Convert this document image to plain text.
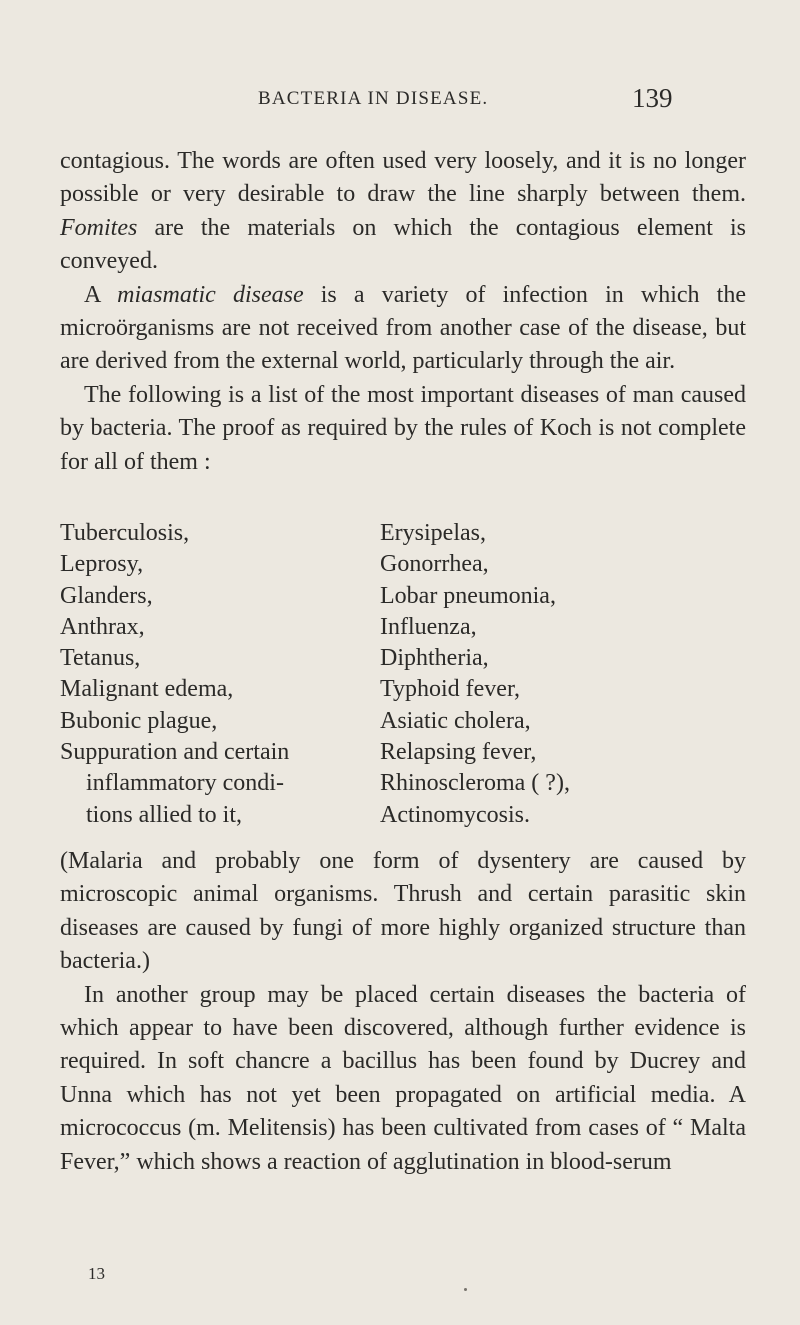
BACTERIA IN DISEASE.	139

contagious. The words are often used very loosely, and it is no longer possible or very desirable to draw the line sharply between them. Fomites are the materials on which the contagious element is conveyed.
A miasmatic disease is a variety of infection in which the microörganisms are not received from another case of the disease, but are derived from the external world, particularly through the air.
The following is a list of the most important diseases of man caused by bacteria. The proof as required by the rules of Koch is not complete for all of them :

Tuberculosis,
Leprosy,
Glanders,
Anthrax,
Tetanus,
Malignant edema,
Bubonic plague,
Suppuration and certain
inflammatory condi-
tions allied to it,
Erysipelas,
Gonorrhea,
Lobar pneumonia,
Influenza,
Diphtheria,
Typhoid fever,
Asiatic cholera,
Relapsing fever,
Rhinoscleroma ( ?),
Actinomycosis.

(Malaria and probably one form of dysentery are caused by microscopic animal organisms. Thrush and certain parasitic skin diseases are caused by fungi of more highly organized structure than bacteria.)
In another group may be placed certain diseases the bacteria of which appear to have been discovered, although further evidence is required. In soft chancre a bacillus has been found by Ducrey and Unna which has not yet been propagated on artificial media. A micrococcus (m. Melitensis) has been cultivated from cases of “ Malta Fever,” which shows a reaction of agglutination in blood-serum

13
